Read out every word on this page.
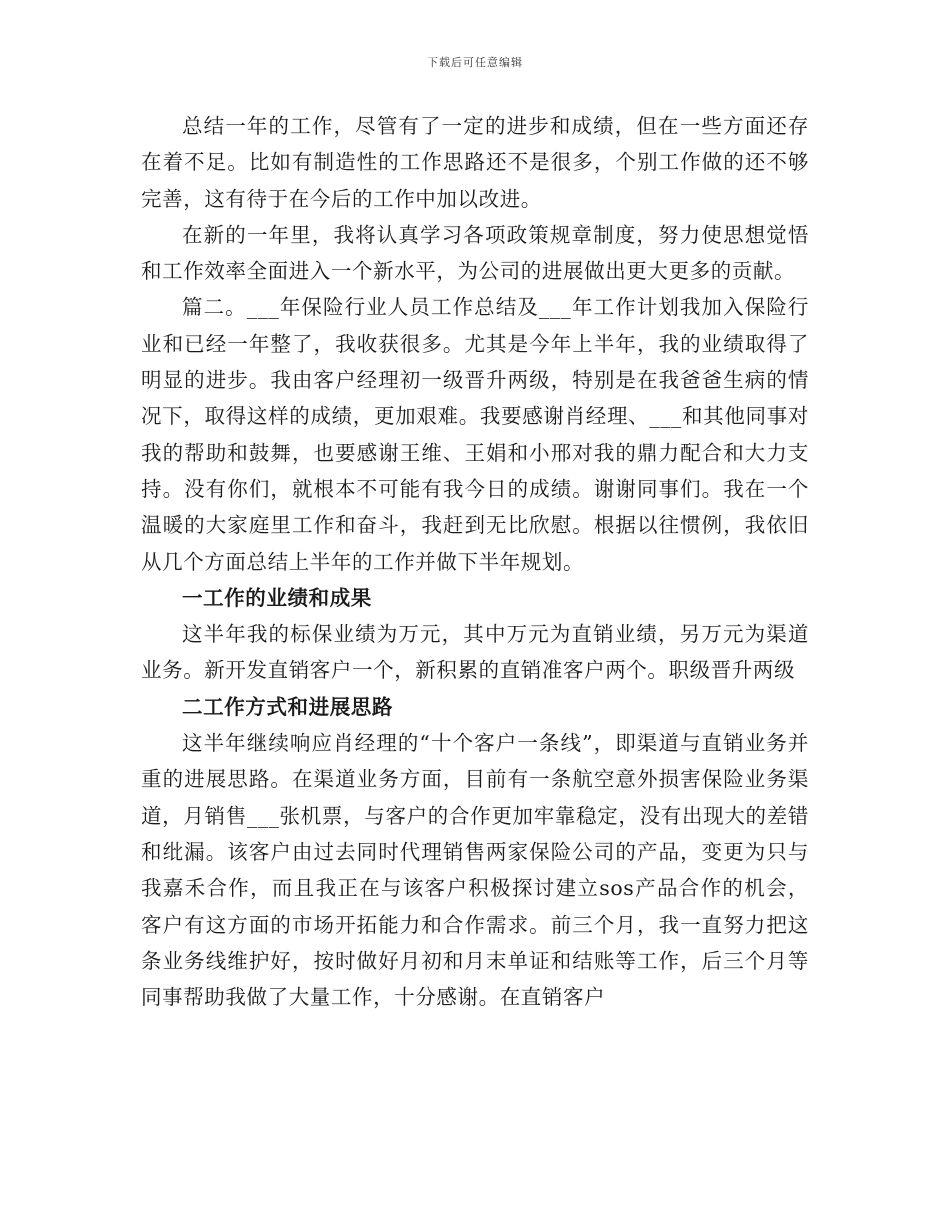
下载后可任意编辑

总结一年的工作，尽管有了一定的进步和成绩，但在一些方面还存在着不足。比如有制造性的工作思路还不是很多，个别工作做的还不够完善，这有待于在今后的工作中加以改进。

在新的一年里，我将认真学习各项政策规章制度，努力使思想觉悟和工作效率全面进入一个新水平，为公司的进展做出更大更多的贡献。

篇二。___年保险行业人员工作总结及___年工作计划我加入保险行业和已经一年整了，我收获很多。尤其是今年上半年，我的业绩取得了明显的进步。我由客户经理初一级晋升两级，特别是在我爸爸生病的情况下，取得这样的成绩，更加艰难。我要感谢肖经理、___和其他同事对我的帮助和鼓舞，也要感谢王维、王娟和小邢对我的鼎力配合和大力支持。没有你们，就根本不可能有我今日的成绩。谢谢同事们。我在一个温暖的大家庭里工作和奋斗，我赶到无比欣慰。根据以往惯例，我依旧从几个方面总结上半年的工作并做下半年规划。

一工作的业绩和成果

这半年我的标保业绩为万元，其中万元为直销业绩，另万元为渠道业务。新开发直销客户一个，新积累的直销准客户两个。职级晋升两级

二工作方式和进展思路

这半年继续响应肖经理的“十个客户一条线”，即渠道与直销业务并重的进展思路。在渠道业务方面，目前有一条航空意外损害保险业务渠道，月销售___张机票，与客户的合作更加牢靠稳定，没有出现大的差错和纰漏。该客户由过去同时代理销售两家保险公司的产品，变更为只与我嘉禾合作，而且我正在与该客户积极探讨建立sos产品合作的机会，客户有这方面的市场开拓能力和合作需求。前三个月，我一直努力把这条业务线维护好，按时做好月初和月末单证和结账等工作，后三个月等同事帮助我做了大量工作，十分感谢。在直销客户
